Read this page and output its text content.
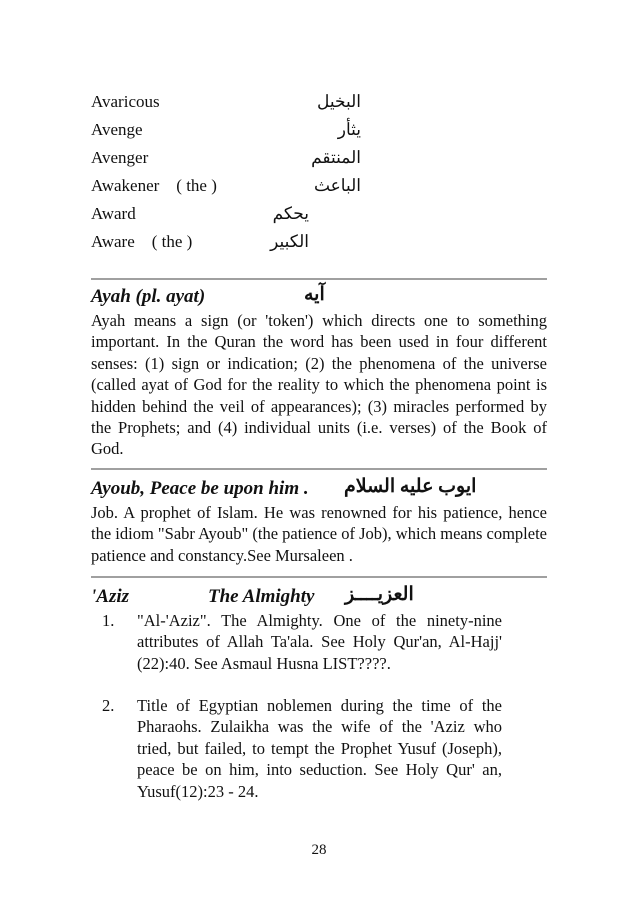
Avaricous	البخيل
Avenge	يثأر
Avenger	المنتقم
Awakener    ( the )	الباعث
Award	يحكم
Aware    ( the )	الكبير
Ayah (pl. ayat)	آيه

Ayah means a sign (or 'token') which directs one to something important. In the Quran the word has been used in four different senses: (1) sign or indication; (2) the phenomena of the universe (called ayat of God for the reality to which the phenomena point is hidden behind the veil of appearances); (3) miracles performed by the Prophets; and (4) individual units (i.e. verses) of the Book of God.

Ayoub, Peace be upon him . ايوب عليه السلام

Job. A prophet of Islam. He was renowned for his patience, hence the idiom "Sabr Ayoub" (the patience of Job), which means complete patience and constancy.See Mursaleen .

'Aziz	The Almighty العزيــــز
1. "Al-'Aziz". The Almighty. One of the ninety-nine attributes of Allah Ta'ala. See Holy Qur'an, Al-Hajj' (22):40. See Asmaul Husna LIST????.

2. Title of Egyptian noblemen during the time of the Pharaohs. Zulaikha was the wife of the 'Aziz who tried, but failed, to tempt the Prophet Yusuf (Joseph), peace be on him, into seduction. See Holy Qur' an, Yusuf(12):23 - 24.

28
